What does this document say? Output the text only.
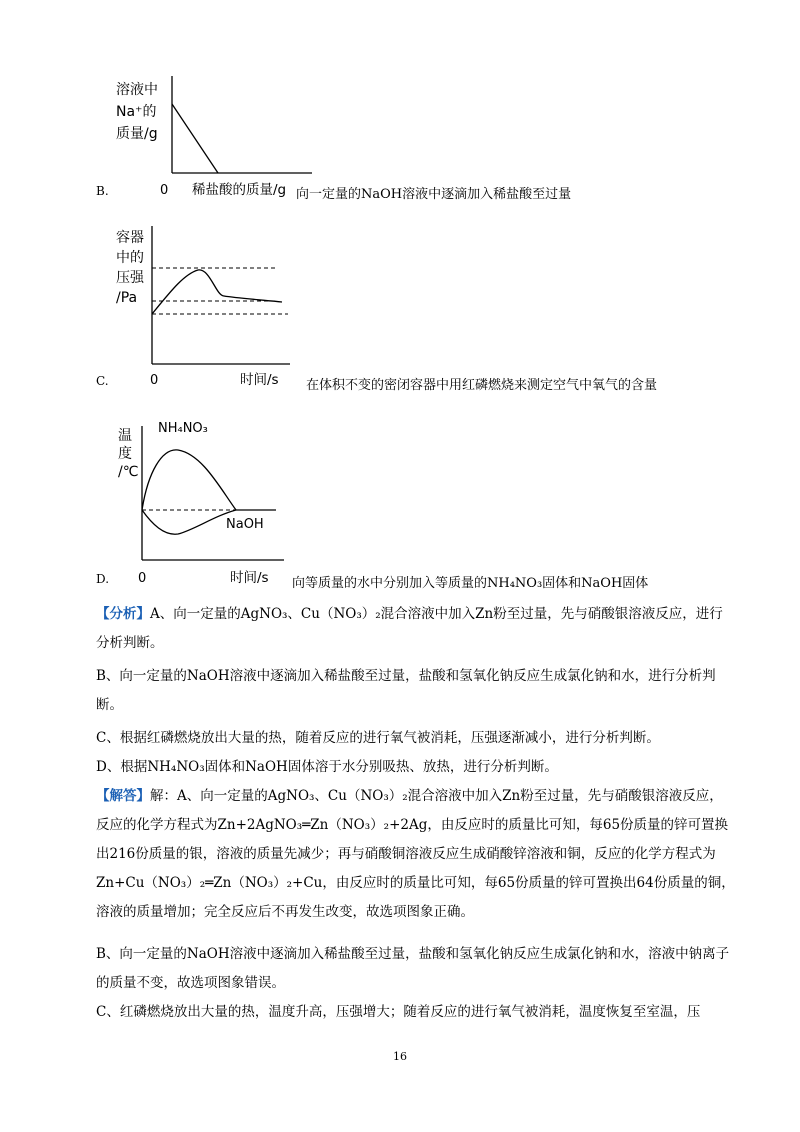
B.
溶液中
Na⁺的
质量/g
0 稀盐酸的质量/g 向一定量的NaOH溶液中逐滴加入稀盐酸至过量
C.
容器
中的
压强
/Pa
0	时间/s 在体积不变的密闭容器中用红磷燃烧来测定空气中氧气的含量
D.
温
度
/℃
NH₄NO₃
NaOH
0	时间/s 向等质量的水中分别加入等质量的NH₄NO₃固体和NaOH固体
【分析】A、向一定量的AgNO₃、Cu（NO₃）₂混合溶液中加入Zn粉至过量，先与硝酸银溶液反应，进行分析判断。
B、向一定量的NaOH溶液中逐滴加入稀盐酸至过量，盐酸和氢氧化钠反应生成氯化钠和水，进行分析判断。
C、根据红磷燃烧放出大量的热，随着反应的进行氧气被消耗，压强逐渐减小，进行分析判断。
D、根据NH₄NO₃固体和NaOH固体溶于水分别吸热、放热，进行分析判断。
【解答】解：A、向一定量的AgNO₃、Cu（NO₃）₂混合溶液中加入Zn粉至过量，先与硝酸银溶液反应，反应的化学方程式为Zn+2AgNO₃═Zn（NO₃）₂+2Ag，由反应时的质量比可知，每65份质量的锌可置换出216份质量的银，溶液的质量先减少；再与硝酸铜溶液反应生成硝酸锌溶液和铜，反应的化学方程式为Zn+Cu（NO₃）₂═Zn（NO₃）₂+Cu，由反应时的质量比可知，每65份质量的锌可置换出64份质量的铜，溶液的质量增加；完全反应后不再发生改变，故选项图象正确。
B、向一定量的NaOH溶液中逐滴加入稀盐酸至过量，盐酸和氢氧化钠反应生成氯化钠和水，溶液中钠离子的质量不变，故选项图象错误。
C、红磷燃烧放出大量的热，温度升高，压强增大；随着反应的进行氧气被消耗，温度恢复至室温，压
16
